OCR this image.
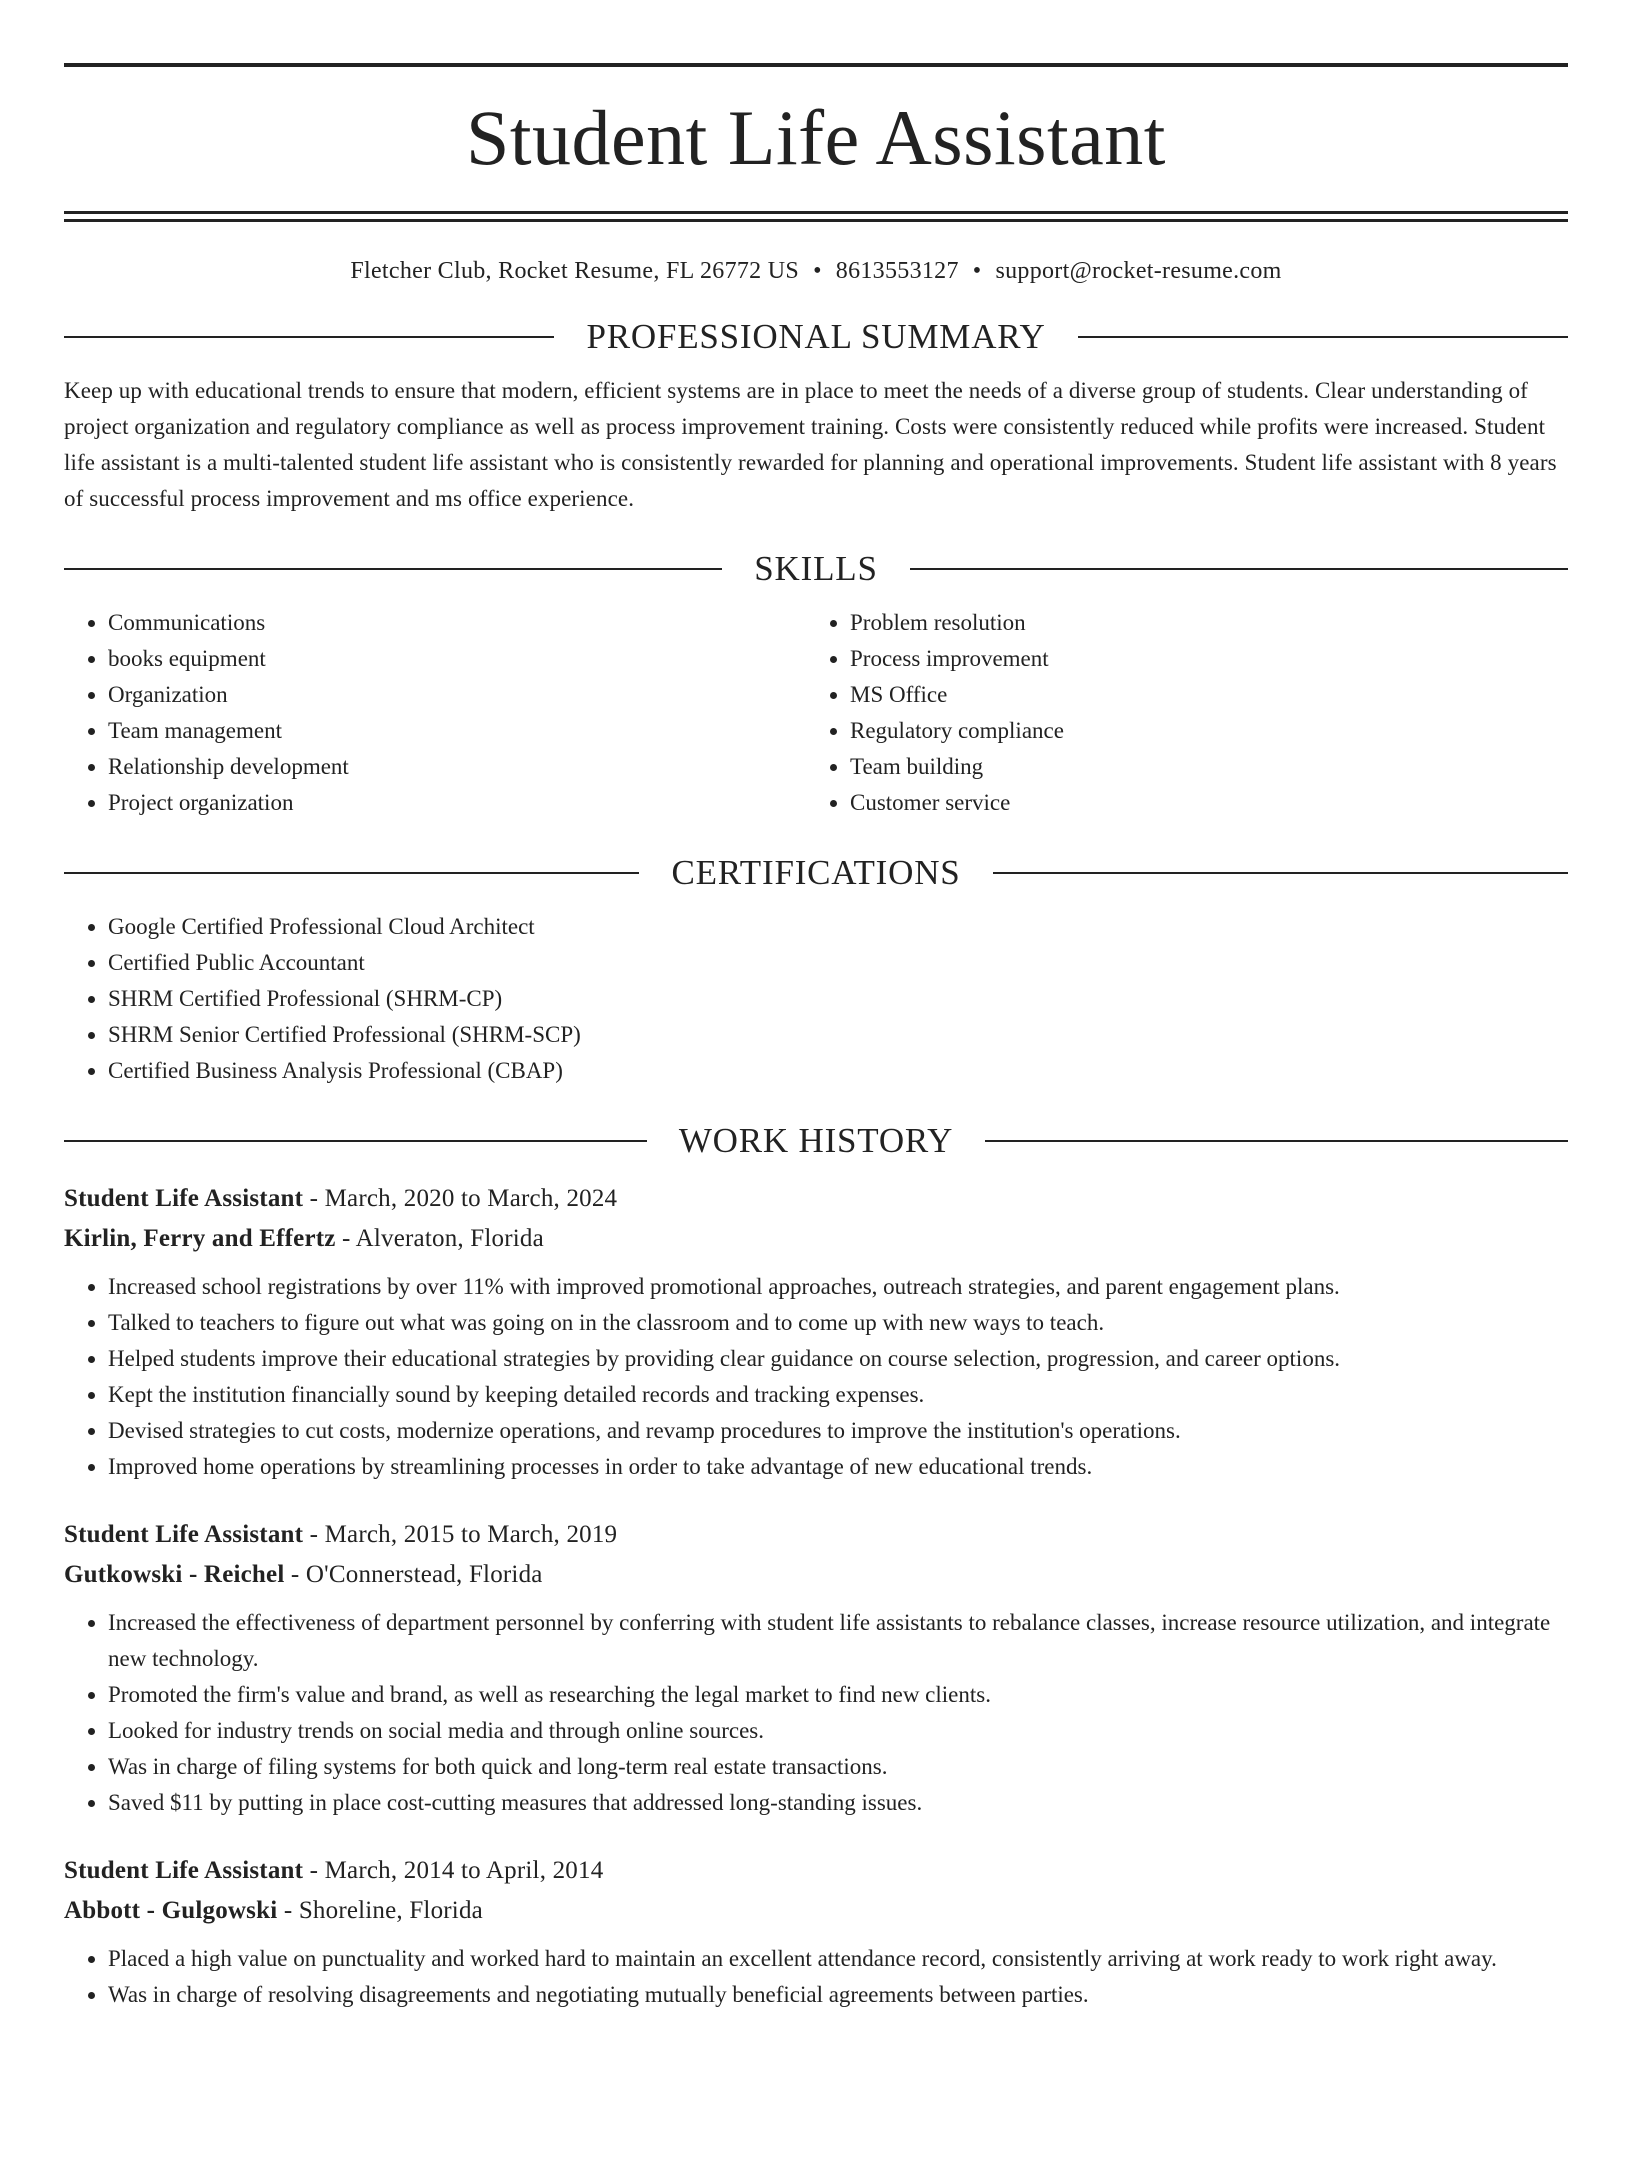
Student Life Assistant
Fletcher Club, Rocket Resume, FL 26772 US • 8613553127 • support@rocket-resume.com
PROFESSIONAL SUMMARY

Keep up with educational trends to ensure that modern, efficient systems are in place to meet the needs of a diverse group of students. Clear understanding of project organization and regulatory compliance as well as process improvement training. Costs were consistently reduced while profits were increased. Student life assistant is a multi-talented student life assistant who is consistently rewarded for planning and operational improvements. Student life assistant with 8 years of successful process improvement and ms office experience.

SKILLS
• Communications
• books equipment
• Organization
• Team management
• Relationship development
• Project organization
• Problem resolution
• Process improvement
• MS Office
• Regulatory compliance
• Team building
• Customer service
CERTIFICATIONS
• Google Certified Professional Cloud Architect
• Certified Public Accountant
• SHRM Certified Professional (SHRM-CP)
• SHRM Senior Certified Professional (SHRM-SCP)
• Certified Business Analysis Professional (CBAP)
WORK HISTORY
Student Life Assistant - March, 2020 to March, 2024
Kirlin, Ferry and Effertz - Alveraton, Florida
• Increased school registrations by over 11% with improved promotional approaches, outreach strategies, and parent engagement plans.
• Talked to teachers to figure out what was going on in the classroom and to come up with new ways to teach.
• Helped students improve their educational strategies by providing clear guidance on course selection, progression, and career options.
• Kept the institution financially sound by keeping detailed records and tracking expenses.
• Devised strategies to cut costs, modernize operations, and revamp procedures to improve the institution's operations.
• Improved home operations by streamlining processes in order to take advantage of new educational trends.
Student Life Assistant - March, 2015 to March, 2019
Gutkowski - Reichel - O'Connerstead, Florida
• Increased the effectiveness of department personnel by conferring with student life assistants to rebalance classes, increase resource utilization, and integrate new technology.
• Promoted the firm's value and brand, as well as researching the legal market to find new clients.
• Looked for industry trends on social media and through online sources.
• Was in charge of filing systems for both quick and long-term real estate transactions.
• Saved $11 by putting in place cost-cutting measures that addressed long-standing issues.
Student Life Assistant - March, 2014 to April, 2014
Abbott - Gulgowski - Shoreline, Florida
• Placed a high value on punctuality and worked hard to maintain an excellent attendance record, consistently arriving at work ready to work right away.
• Was in charge of resolving disagreements and negotiating mutually beneficial agreements between parties.
